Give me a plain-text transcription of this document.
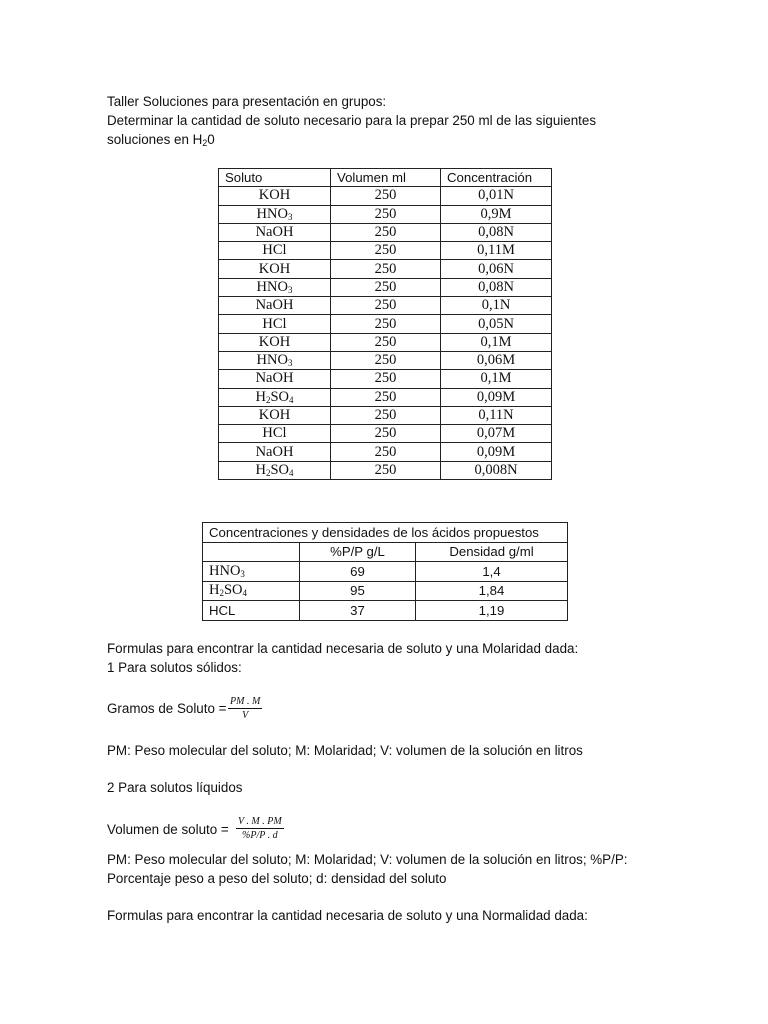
Taller Soluciones para presentación en grupos:
Determinar la cantidad de soluto necesario para la prepar 250 ml de las siguientes
soluciones en $H_20$
Soluto	Volumen ml	Concentración
KOH	250	0,01N
$HNO_3$	250	0,9M
NaOH	250	0,08N
HCl	250	0,11M
KOH	250	0,06N
$HNO_3$	250	0,08N
NaOH	250	0,1N
HCl	250	0,05N
KOH	250	0,1M
$HNO_3$	250	0,06M
NaOH	250	0,1M
$H_2SO_4$	250	0,09M
KOH	250	0,11N
HCl	250	0,07M
NaOH	250	0,09M
$H_2SO_4$	250	0,008N
Concentraciones y densidades de los ácidos propuestos		
	%P/P g/L	Densidad g/ml
$HNO_3$	69	1,4
$H_2SO_4$	95	1,84
HCL	37	1,19
Formulas para encontrar la cantidad necesaria de soluto y una Molaridad dada:
1 Para solutos sólidos:
Gramos de Soluto = $\frac{PM . M}{V}$
PM: Peso molecular del soluto; M: Molaridad; V: volumen de la solución en litros
2 Para solutos líquidos
Volumen de soluto = $\frac{V . M . PM}{\%P/P . d}$
PM: Peso molecular del soluto; M: Molaridad; V: volumen de la solución en litros; %P/P:
Porcentaje peso a peso del soluto; d: densidad del soluto
Formulas para encontrar la cantidad necesaria de soluto y una Normalidad dada:
